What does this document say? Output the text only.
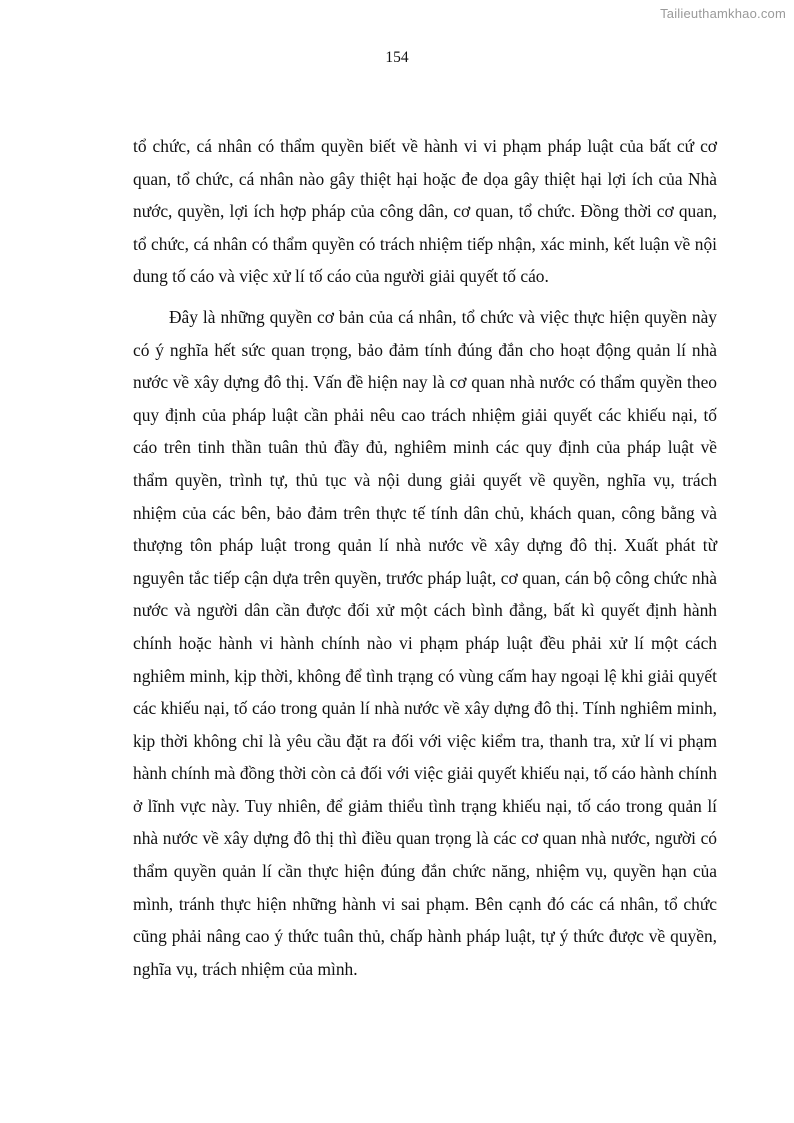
Tailieuthamkhao.com
154

tổ chức, cá nhân có thẩm quyền biết về hành vi vi phạm pháp luật của bất cứ cơ quan, tổ chức, cá nhân nào gây thiệt hại hoặc đe dọa gây thiệt hại lợi ích của Nhà nước, quyền, lợi ích hợp pháp của công dân, cơ quan, tổ chức. Đồng thời cơ quan, tổ chức, cá nhân có thẩm quyền có trách nhiệm tiếp nhận, xác minh, kết luận về nội dung tố cáo và việc xử lí tố cáo của người giải quyết tố cáo.

Đây là những quyền cơ bản của cá nhân, tổ chức và việc thực hiện quyền này có ý nghĩa hết sức quan trọng, bảo đảm tính đúng đắn cho hoạt động quản lí nhà nước về xây dựng đô thị. Vấn đề hiện nay là cơ quan nhà nước có thẩm quyền theo quy định của pháp luật cần phải nêu cao trách nhiệm giải quyết các khiếu nại, tố cáo trên tinh thần tuân thủ đầy đủ, nghiêm minh các quy định của pháp luật về thẩm quyền, trình tự, thủ tục và nội dung giải quyết về quyền, nghĩa vụ, trách nhiệm của các bên, bảo đảm trên thực tế tính dân chủ, khách quan, công bằng và thượng tôn pháp luật trong quản lí nhà nước về xây dựng đô thị. Xuất phát từ nguyên tắc tiếp cận dựa trên quyền, trước pháp luật, cơ quan, cán bộ công chức nhà nước và người dân cần được đối xử một cách bình đẳng, bất kì quyết định hành chính hoặc hành vi hành chính nào vi phạm pháp luật đều phải xử lí một cách nghiêm minh, kịp thời, không để tình trạng có vùng cấm hay ngoại lệ khi giải quyết các khiếu nại, tố cáo trong quản lí nhà nước về xây dựng đô thị. Tính nghiêm minh, kịp thời không chỉ là yêu cầu đặt ra đối với việc kiểm tra, thanh tra, xử lí vi phạm hành chính mà đồng thời còn cả đối với việc giải quyết khiếu nại, tố cáo hành chính ở lĩnh vực này. Tuy nhiên, để giảm thiểu tình trạng khiếu nại, tố cáo trong quản lí nhà nước về xây dựng đô thị thì điều quan trọng là các cơ quan nhà nước, người có thẩm quyền quản lí cần thực hiện đúng đắn chức năng, nhiệm vụ, quyền hạn của mình, tránh thực hiện những hành vi sai phạm. Bên cạnh đó các cá nhân, tổ chức cũng phải nâng cao ý thức tuân thủ, chấp hành pháp luật, tự ý thức được về quyền, nghĩa vụ, trách nhiệm của mình.
